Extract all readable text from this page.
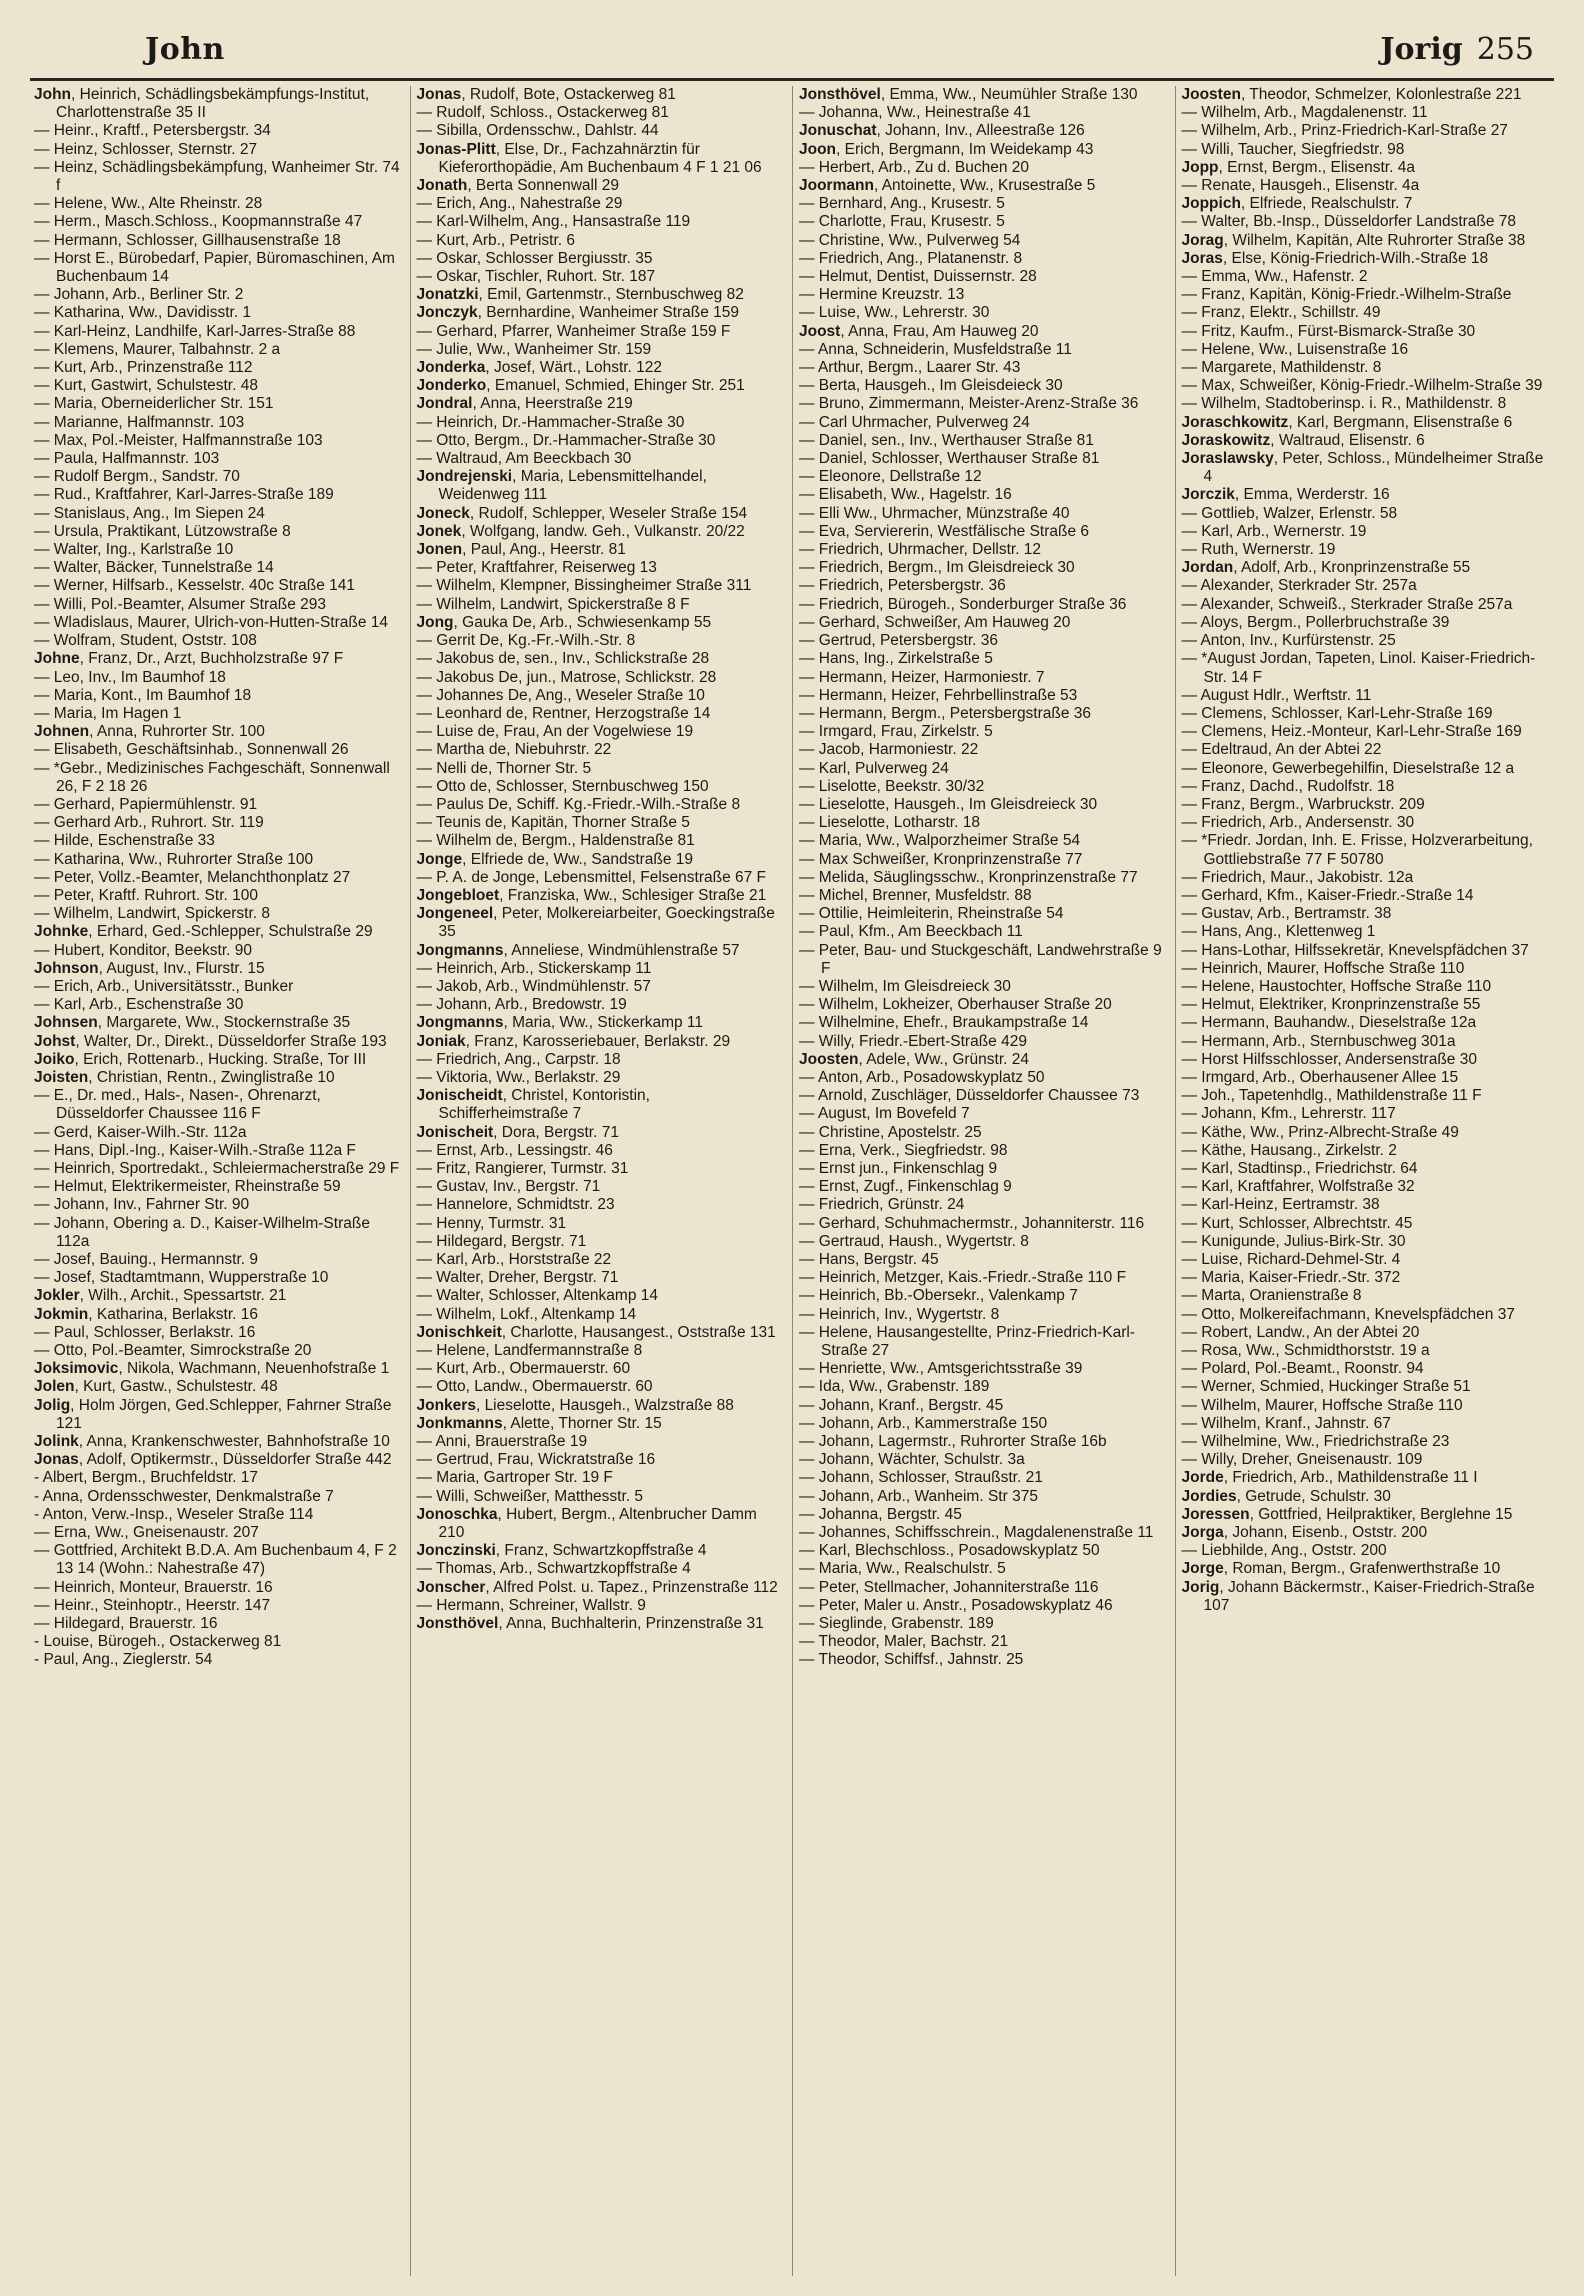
John	Jorig 255
John, Heinrich, Schädlingsbekämpfungs-Institut, Charlottenstraße 35 II
— Heinr., Kraftf., Petersbergstr. 34
— Heinz, Schlosser, Sternstr. 27
— Heinz, Schädlingsbekämpfung, Wanheimer Str. 74 f
— Helene, Ww., Alte Rheinstr. 28
— Herm., Masch.Schloss., Koopmannstraße 47
— Hermann, Schlosser, Gillhausenstraße 18
— Horst E., Bürobedarf, Papier, Büromaschinen, Am Buchenbaum 14
— Johann, Arb., Berliner Str. 2
— Katharina, Ww., Davidisstr. 1
— Karl-Heinz, Landhilfe, Karl-Jarres-Straße 88
— Klemens, Maurer, Talbahnstr. 2 a
— Kurt, Arb., Prinzenstraße 112
— Kurt, Gastwirt, Schulstestr. 48
— Maria, Oberneiderlicher Str. 151
— Marianne, Halfmannstr. 103
— Max, Pol.-Meister, Halfmannstraße 103
— Paula, Halfmannstr. 103
— Rudolf Bergm., Sandstr. 70
— Rud., Kraftfahrer, Karl-Jarres-Straße 189
— Stanislaus, Ang., Im Siepen 24
— Ursula, Praktikant, Lützowstraße 8
— Walter, Ing., Karlstraße 10
— Walter, Bäcker, Tunnelstraße 14
— Werner, Hilfsarb., Kesselstr. 40c Straße 141
— Willi, Pol.-Beamter, Alsumer Straße 293
— Wladislaus, Maurer, Ulrich-von-Hutten-Straße 14
— Wolfram, Student, Oststr. 108
Johne, Franz, Dr., Arzt, Buchholzstraße 97 F
— Leo, Inv., Im Baumhof 18
— Maria, Kont., Im Baumhof 18
— Maria, Im Hagen 1
Johnen, Anna, Ruhrorter Str. 100
— Elisabeth, Geschäftsinhab., Sonnenwall 26
— *Gebr., Medizinisches Fachgeschäft, Sonnenwall 26, F 2 18 26
— Gerhard, Papiermühlenstr. 91
— Gerhard Arb., Ruhrort. Str. 119
— Hilde, Eschenstraße 33
— Katharina, Ww., Ruhrorter Straße 100
— Peter, Vollz.-Beamter, Melanchthonplatz 27
— Peter, Kraftf. Ruhrort. Str. 100
— Wilhelm, Landwirt, Spickerstr. 8
Johnke, Erhard, Ged.-Schlepper, Schulstraße 29
— Hubert, Konditor, Beekstr. 90
Johnson, August, Inv., Flurstr. 15
— Erich, Arb., Universitätsstr., Bunker
— Karl, Arb., Eschenstraße 30
Johnsen, Margarete, Ww., Stockernstraße 35
Johst, Walter, Dr., Direkt., Düsseldorfer Straße 193
Joiko, Erich, Rottenarb., Hucking. Straße, Tor III
Joisten, Christian, Rentn., Zwinglistraße 10
— E., Dr. med., Hals-, Nasen-, Ohrenarzt, Düsseldorfer Chaussee 116 F
— Gerd, Kaiser-Wilh.-Str. 112a
— Hans, Dipl.-Ing., Kaiser-Wilh.-Straße 112a F
— Heinrich, Sportredakt., Schleiermacherstraße 29 F
— Helmut, Elektrikermeister, Rheinstraße 59
— Johann, Inv., Fahrner Str. 90
— Johann, Obering a. D., Kaiser-Wilhelm-Straße 112a
— Josef, Bauing., Hermannstr. 9
— Josef, Stadtamtmann, Wupperstraße 10
Jokler, Wilh., Archit., Spessartstr. 21
Jokmin, Katharina, Berlakstr. 16
— Paul, Schlosser, Berlakstr. 16
— Otto, Pol.-Beamter, Simrockstraße 20
Joksimovic, Nikola, Wachmann, Neuenhofstraße 1
Jolen, Kurt, Gastw., Schulstestr. 48
Jolig, Holm Jörgen, Ged.Schlepper, Fahrner Straße 121
Jolink, Anna, Krankenschwester, Bahnhofstraße 10
Jonas, Adolf, Optikermstr., Düsseldorfer Straße 442
- Albert, Bergm., Bruchfeldstr. 17
- Anna, Ordensschwester, Denkmalstraße 7
- Anton, Verw.-Insp., Weseler Straße 114
— Erna, Ww., Gneisenaustr. 207
— Gottfried, Architekt B.D.A. Am Buchenbaum 4, F 2 13 14 (Wohn.: Nahestraße 47)
— Heinrich, Monteur, Brauerstr. 16
— Heinr., Steinhoptr., Heerstr. 147
— Hildegard, Brauerstr. 16
- Louise, Bürogeh., Ostackerweg 81
- Paul, Ang., Zieglerstr. 54
Jonas, Rudolf, Bote, Ostackerweg 81
— Rudolf, Schloss., Ostackerweg 81
— Sibilla, Ordensschw., Dahlstr. 44
Jonas-Plitt, Else, Dr., Fachzahnärztin für Kieferorthopädie, Am Buchenbaum 4 F 1 21 06
Jonath, Berta Sonnenwall 29
— Erich, Ang., Nahestraße 29
— Karl-Wilhelm, Ang., Hansastraße 119
— Kurt, Arb., Petristr. 6
— Oskar, Schlosser Bergiusstr. 35
— Oskar, Tischler, Ruhort. Str. 187
Jonatzki, Emil, Gartenmstr., Sternbuschweg 82
Jonczyk, Bernhardine, Wanheimer Straße 159
— Gerhard, Pfarrer, Wanheimer Straße 159 F
— Julie, Ww., Wanheimer Str. 159
Jonderka, Josef, Wärt., Lohstr. 122
Jonderko, Emanuel, Schmied, Ehinger Str. 251
Jondral, Anna, Heerstraße 219
— Heinrich, Dr.-Hammacher-Straße 30
— Otto, Bergm., Dr.-Hammacher-Straße 30
— Waltraud, Am Beeckbach 30
Jondrejenski, Maria, Lebensmittelhandel, Weidenweg 111
Joneck, Rudolf, Schlepper, Weseler Straße 154
Jonek, Wolfgang, landw. Geh., Vulkanstr. 20/22
Jonen, Paul, Ang., Heerstr. 81
— Peter, Kraftfahrer, Reiserweg 13
— Wilhelm, Klempner, Bissingheimer Straße 311
— Wilhelm, Landwirt, Spickerstraße 8 F
Jong, Gauka De, Arb., Schwiesenkamp 55
— Gerrit De, Kg.-Fr.-Wilh.-Str. 8
— Jakobus de, sen., Inv., Schlickstraße 28
— Jakobus De, jun., Matrose, Schlickstr. 28
— Johannes De, Ang., Weseler Straße 10
— Leonhard de, Rentner, Herzogstraße 14
— Luise de, Frau, An der Vogelwiese 19
— Martha de, Niebuhrstr. 22
— Nelli de, Thorner Str. 5
— Otto de, Schlosser, Sternbuschweg 150
— Paulus De, Schiff. Kg.-Friedr.-Wilh.-Straße 8
— Teunis de, Kapitän, Thorner Straße 5
— Wilhelm de, Bergm., Haldenstraße 81
Jonge, Elfriede de, Ww., Sandstraße 19
— P. A. de Jonge, Lebensmittel, Felsenstraße 67 F
Jongebloet, Franziska, Ww., Schlesiger Straße 21
Jongeneel, Peter, Molkereiarbeiter, Goeckingstraße 35
Jongmanns, Anneliese, Windmühlenstraße 57
— Heinrich, Arb., Stickerskamp 11
— Jakob, Arb., Windmühlenstr. 57
— Johann, Arb., Bredowstr. 19
Jongmanns, Maria, Ww., Stickerkamp 11
Joniak, Franz, Karosseriebauer, Berlakstr. 29
— Friedrich, Ang., Carpstr. 18
— Viktoria, Ww., Berlakstr. 29
Jonischeidt, Christel, Kontoristin, Schifferheimstraße 7
Jonischeit, Dora, Bergstr. 71
— Ernst, Arb., Lessingstr. 46
— Fritz, Rangierer, Turmstr. 31
— Gustav, Inv., Bergstr. 71
— Hannelore, Schmidtstr. 23
— Henny, Turmstr. 31
— Hildegard, Bergstr. 71
— Karl, Arb., Horststraße 22
— Walter, Dreher, Bergstr. 71
— Walter, Schlosser, Altenkamp 14
— Wilhelm, Lokf., Altenkamp 14
Jonischkeit, Charlotte, Hausangest., Oststraße 131
— Helene, Landfermannstraße 8
— Kurt, Arb., Obermauerstr. 60
— Otto, Landw., Obermauerstr. 60
Jonkers, Lieselotte, Hausgeh., Walzstraße 88
Jonkmanns, Alette, Thorner Str. 15
— Anni, Brauerstraße 19
— Gertrud, Frau, Wickratstraße 16
— Maria, Gartroper Str. 19 F
— Willi, Schweißer, Matthesstr. 5
Jonoschka, Hubert, Bergm., Altenbrucher Damm 210
Jonczinski, Franz, Schwartzkopffstraße 4
— Thomas, Arb., Schwartzkopffstraße 4
Jonscher, Alfred Polst. u. Tapez., Prinzenstraße 112
— Hermann, Schreiner, Wallstr. 9
Jonsthövel, Anna, Buchhalterin, Prinzenstraße 31
Jonsthövel, Emma, Ww., Neumühler Straße 130
— Johanna, Ww., Heinestraße 41
Jonuschat, Johann, Inv., Alleestraße 126
Joon, Erich, Bergmann, Im Weidekamp 43
— Herbert, Arb., Zu d. Buchen 20
Joormann, Antoinette, Ww., Krusestraße 5
— Bernhard, Ang., Krusestr. 5
— Charlotte, Frau, Krusestr. 5
— Christine, Ww., Pulverweg 54
— Friedrich, Ang., Platanenstr. 8
— Helmut, Dentist, Duissernstr. 28
— Hermine Kreuzstr. 13
— Luise, Ww., Lehrerstr. 30
Joost, Anna, Frau, Am Hauweg 20
— Anna, Schneiderin, Musfeldstraße 11
— Arthur, Bergm., Laarer Str. 43
— Berta, Hausgeh., Im Gleisdeieck 30
— Bruno, Zimmermann, Meister-Arenz-Straße 36
— Carl Uhrmacher, Pulverweg 24
— Daniel, sen., Inv., Werthauser Straße 81
— Daniel, Schlosser, Werthauser Straße 81
— Eleonore, Dellstraße 12
— Elisabeth, Ww., Hagelstr. 16
— Elli Ww., Uhrmacher, Münzstraße 40
— Eva, Serviererin, Westfälische Straße 6
— Friedrich, Uhrmacher, Dellstr. 12
— Friedrich, Bergm., Im Gleisdreieck 30
— Friedrich, Petersbergstr. 36
— Friedrich, Bürogeh., Sonderburger Straße 36
— Gerhard, Schweißer, Am Hauweg 20
— Gertrud, Petersbergstr. 36
— Hans, Ing., Zirkelstraße 5
— Hermann, Heizer, Harmoniestr. 7
— Hermann, Heizer, Fehrbellinstraße 53
— Hermann, Bergm., Petersbergstraße 36
— Irmgard, Frau, Zirkelstr. 5
— Jacob, Harmoniestr. 22
— Karl, Pulverweg 24
— Liselotte, Beekstr. 30/32
— Lieselotte, Hausgeh., Im Gleisdreieck 30
— Lieselotte, Lotharstr. 18
— Maria, Ww., Walporzheimer Straße 54
— Max Schweißer, Kronprinzenstraße 77
— Melida, Säuglingsschw., Kronprinzenstraße 77
— Michel, Brenner, Musfeldstr. 88
— Ottilie, Heimleiterin, Rheinstraße 54
— Paul, Kfm., Am Beeckbach 11
— Peter, Bau- und Stuckgeschäft, Landwehrstraße 9 F
— Wilhelm, Im Gleisdreieck 30
— Wilhelm, Lokheizer, Oberhauser Straße 20
— Wilhelmine, Ehefr., Braukampstraße 14
— Willy, Friedr.-Ebert-Straße 429
Joosten, Adele, Ww., Grünstr. 24
— Anton, Arb., Posadowskyplatz 50
— Arnold, Zuschläger, Düsseldorfer Chaussee 73
— August, Im Bovefeld 7
— Christine, Apostelstr. 25
— Erna, Verk., Siegfriedstr. 98
— Ernst jun., Finkenschlag 9
— Ernst, Zugf., Finkenschlag 9
— Friedrich, Grünstr. 24
— Gerhard, Schuhmachermstr., Johanniterstr. 116
— Gertraud, Haush., Wygertstr. 8
— Hans, Bergstr. 45
— Heinrich, Metzger, Kais.-Friedr.-Straße 110 F
— Heinrich, Bb.-Obersekr., Valenkamp 7
— Heinrich, Inv., Wygertstr. 8
— Helene, Hausangestellte, Prinz-Friedrich-Karl-Straße 27
— Henriette, Ww., Amtsgerichtsstraße 39
— Ida, Ww., Grabenstr. 189
— Johann, Kranf., Bergstr. 45
— Johann, Arb., Kammerstraße 150
— Johann, Lagermstr., Ruhrorter Straße 16b
— Johann, Wächter, Schulstr. 3a
— Johann, Schlosser, Straußstr. 21
— Johann, Arb., Wanheim. Str 375
— Johanna, Bergstr. 45
— Johannes, Schiffsschrein., Magdalenenstraße 11
— Karl, Blechschloss., Posadowskyplatz 50
— Maria, Ww., Realschulstr. 5
— Peter, Stellmacher, Johanniterstraße 116
— Peter, Maler u. Anstr., Posadowskyplatz 46
— Sieglinde, Grabenstr. 189
— Theodor, Maler, Bachstr. 21
— Theodor, Schiffsf., Jahnstr. 25
Joosten, Theodor, Schmelzer, Kolonlestraße 221
— Wilhelm, Arb., Magdalenenstr. 11
— Wilhelm, Arb., Prinz-Friedrich-Karl-Straße 27
— Willi, Taucher, Siegfriedstr. 98
Jopp, Ernst, Bergm., Elisenstr. 4a
— Renate, Hausgeh., Elisenstr. 4a
Joppich, Elfriede, Realschulstr. 7
— Walter, Bb.-Insp., Düsseldorfer Landstraße 78
Jorag, Wilhelm, Kapitän, Alte Ruhrorter Straße 38
Joras, Else, König-Friedrich-Wilh.-Straße 18
— Emma, Ww., Hafenstr. 2
— Franz, Kapitän, König-Friedr.-Wilhelm-Straße
— Franz, Elektr., Schillstr. 49
— Fritz, Kaufm., Fürst-Bismarck-Straße 30
— Helene, Ww., Luisenstraße 16
— Margarete, Mathildenstr. 8
— Max, Schweißer, König-Friedr.-Wilhelm-Straße 39
— Wilhelm, Stadtoberinsp. i. R., Mathildenstr. 8
Joraschkowitz, Karl, Bergmann, Elisenstraße 6
Joraskowitz, Waltraud, Elisenstr. 6
Joraslawsky, Peter, Schloss., Mündelheimer Straße 4
Jorczik, Emma, Werderstr. 16
— Gottlieb, Walzer, Erlenstr. 58
— Karl, Arb., Wernerstr. 19
— Ruth, Wernerstr. 19
Jordan, Adolf, Arb., Kronprinzenstraße 55
— Alexander, Sterkrader Str. 257a
— Alexander, Schweiß., Sterkrader Straße 257a
— Aloys, Bergm., Pollerbruchstraße 39
— Anton, Inv., Kurfürstenstr. 25
— *August Jordan, Tapeten, Linol. Kaiser-Friedrich-Str. 14 F
— August Hdlr., Werftstr. 11
— Clemens, Schlosser, Karl-Lehr-Straße 169
— Clemens, Heiz.-Monteur, Karl-Lehr-Straße 169
— Edeltraud, An der Abtei 22
— Eleonore, Gewerbegehilfin, Dieselstraße 12 a
— Franz, Dachd., Rudolfstr. 18
— Franz, Bergm., Warbruckstr. 209
— Friedrich, Arb., Andersenstr. 30
— *Friedr. Jordan, Inh. E. Frisse, Holzverarbeitung, Gottliebstraße 77 F 50780
— Friedrich, Maur., Jakobistr. 12a
— Gerhard, Kfm., Kaiser-Friedr.-Straße 14
— Gustav, Arb., Bertramstr. 38
— Hans, Ang., Klettenweg 1
— Hans-Lothar, Hilfssekretär, Knevelspfädchen 37
— Heinrich, Maurer, Hoffsche Straße 110
— Helene, Haustochter, Hoffsche Straße 110
— Helmut, Elektriker, Kronprinzenstraße 55
— Hermann, Bauhandw., Dieselstraße 12a
— Hermann, Arb., Sternbuschweg 301a
— Horst Hilfsschlosser, Andersenstraße 30
— Irmgard, Arb., Oberhausener Allee 15
— Joh., Tapetenhdlg., Mathildenstraße 11 F
— Johann, Kfm., Lehrerstr. 117
— Käthe, Ww., Prinz-Albrecht-Straße 49
— Käthe, Hausang., Zirkelstr. 2
— Karl, Stadtinsp., Friedrichstr. 64
— Karl, Kraftfahrer, Wolfstraße 32
— Karl-Heinz, Eertramstr. 38
— Kurt, Schlosser, Albrechtstr. 45
— Kunigunde, Julius-Birk-Str. 30
— Luise, Richard-Dehmel-Str. 4
— Maria, Kaiser-Friedr.-Str. 372
— Marta, Oranienstraße 8
— Otto, Molkereifachmann, Knevelspfädchen 37
— Robert, Landw., An der Abtei 20
— Rosa, Ww., Schmidthorststr. 19 a
— Polard, Pol.-Beamt., Roonstr. 94
— Werner, Schmied, Huckinger Straße 51
— Wilhelm, Maurer, Hoffsche Straße 110
— Wilhelm, Kranf., Jahnstr. 67
— Wilhelmine, Ww., Friedrichstraße 23
— Willy, Dreher, Gneisenaustr. 109
Jorde, Friedrich, Arb., Mathildenstraße 11 I
Jordies, Getrude, Schulstr. 30
Joressen, Gottfried, Heilpraktiker, Berglehne 15
Jorga, Johann, Eisenb., Oststr. 200
— Liebhilde, Ang., Oststr. 200
Jorge, Roman, Bergm., Grafenwerthstraße 10
Jorig, Johann Bäckermstr., Kaiser-Friedrich-Straße 107
